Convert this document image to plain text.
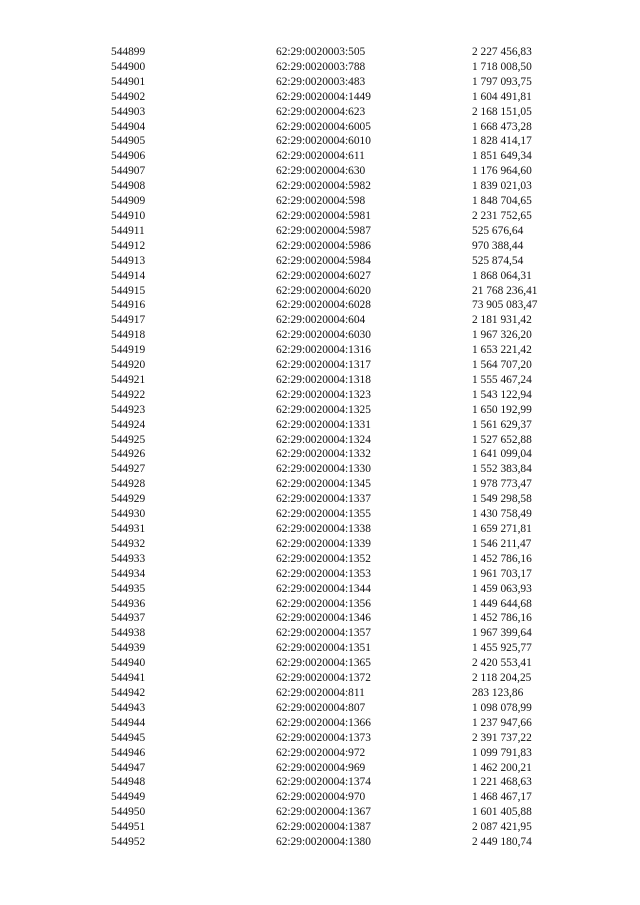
544899	62:29:0020003:505	2 227 456,83
544900	62:29:0020003:788	1 718 008,50
544901	62:29:0020003:483	1 797 093,75
544902	62:29:0020004:1449	1 604 491,81
544903	62:29:0020004:623	2 168 151,05
544904	62:29:0020004:6005	1 668 473,28
544905	62:29:0020004:6010	1 828 414,17
544906	62:29:0020004:611	1 851 649,34
544907	62:29:0020004:630	1 176 964,60
544908	62:29:0020004:5982	1 839 021,03
544909	62:29:0020004:598	1 848 704,65
544910	62:29:0020004:5981	2 231 752,65
544911	62:29:0020004:5987	525 676,64
544912	62:29:0020004:5986	970 388,44
544913	62:29:0020004:5984	525 874,54
544914	62:29:0020004:6027	1 868 064,31
544915	62:29:0020004:6020	21 768 236,41
544916	62:29:0020004:6028	73 905 083,47
544917	62:29:0020004:604	2 181 931,42
544918	62:29:0020004:6030	1 967 326,20
544919	62:29:0020004:1316	1 653 221,42
544920	62:29:0020004:1317	1 564 707,20
544921	62:29:0020004:1318	1 555 467,24
544922	62:29:0020004:1323	1 543 122,94
544923	62:29:0020004:1325	1 650 192,99
544924	62:29:0020004:1331	1 561 629,37
544925	62:29:0020004:1324	1 527 652,88
544926	62:29:0020004:1332	1 641 099,04
544927	62:29:0020004:1330	1 552 383,84
544928	62:29:0020004:1345	1 978 773,47
544929	62:29:0020004:1337	1 549 298,58
544930	62:29:0020004:1355	1 430 758,49
544931	62:29:0020004:1338	1 659 271,81
544932	62:29:0020004:1339	1 546 211,47
544933	62:29:0020004:1352	1 452 786,16
544934	62:29:0020004:1353	1 961 703,17
544935	62:29:0020004:1344	1 459 063,93
544936	62:29:0020004:1356	1 449 644,68
544937	62:29:0020004:1346	1 452 786,16
544938	62:29:0020004:1357	1 967 399,64
544939	62:29:0020004:1351	1 455 925,77
544940	62:29:0020004:1365	2 420 553,41
544941	62:29:0020004:1372	2 118 204,25
544942	62:29:0020004:811	283 123,86
544943	62:29:0020004:807	1 098 078,99
544944	62:29:0020004:1366	1 237 947,66
544945	62:29:0020004:1373	2 391 737,22
544946	62:29:0020004:972	1 099 791,83
544947	62:29:0020004:969	1 462 200,21
544948	62:29:0020004:1374	1 221 468,63
544949	62:29:0020004:970	1 468 467,17
544950	62:29:0020004:1367	1 601 405,88
544951	62:29:0020004:1387	2 087 421,95
544952	62:29:0020004:1380	2 449 180,74
